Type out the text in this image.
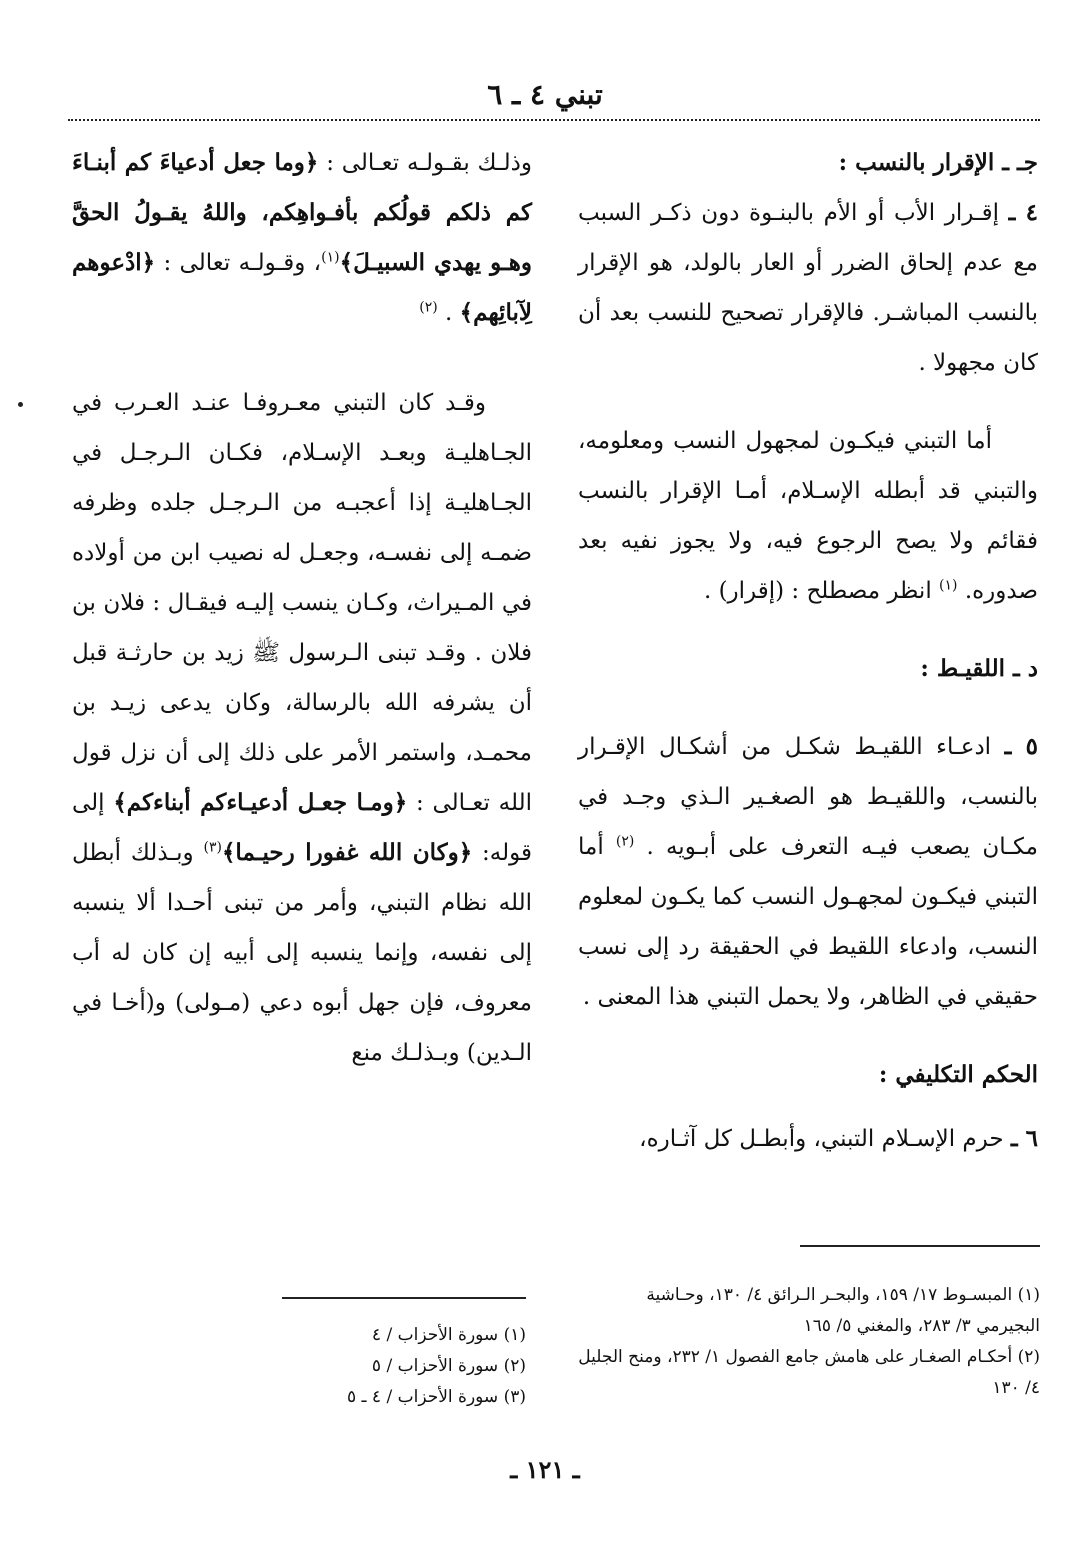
تبني ٤ ـ ٦

جـ ـ الإقرار بالنسب :

٤ ـ إقـرار الأب أو الأم بالبنـوة دون ذكـر السبب مع عدم إلحاق الضرر أو العار بالولد، هو الإقرار بالنسب المباشـر. فالإقرار تصحيح للنسب بعد أن كان مجهولا .

  أما التبني فيكـون لمجهول النسب ومعلومه، والتبني قد أبطله الإسـلام، أمـا الإقرار بالنسب فقائم ولا يصح الرجوع فيه، ولا يجوز نفيه بعد صدوره. $^{(١)}$ انظر مصطلح : (إقرار) .

د ـ اللقيـط :

٥ ـ ادعـاء اللقيـط شكـل من أشكـال الإقـرار بالنسب، واللقيـط هو الصغـير الـذي وجـد في مكـان يصعب فيـه التعرف على أبـويه . $^{(٢)}$ أما التبني فيكـون لمجهـول النسب كما يكـون لمعلوم النسب، وادعاء اللقيط في الحقيقة رد إلى نسب حقيقي في الظاهر، ولا يحمل التبني هذا المعنى .

الحكم التكليفي :

٦ ـ حرم الإسـلام التبني، وأبطـل كل آثـاره،

وذلـك بقـولـه تعـالى : ﴿وما جعل أدعياءَ كم أبنـاءَ كم ذلكم قولُكم بأفـواهِكم، واللهُ يقـولُ الحقَّ وهـو يهدي السبيـلَ﴾$^{(١)}$، وقـولـه تعالى : ﴿ادْعوهم لِآبائِهم﴾ . $^{(٢)}$

  وقـد كان التبني معـروفـا عنـد العـرب في الجـاهليـة وبعـد الإسـلام، فكـان الـرجـل في الجـاهليـة إذا أعجبـه من الـرجـل جلده وظرفه ضمـه إلى نفسـه، وجعـل له نصيب ابن من أولاده في المـيراث، وكـان ينسب إليـه فيقـال : فلان بن فلان . وقـد تبنى الـرسول ﷺ زيد بن حارثـة قبل أن يشرفه الله بالرسالة، وكان يدعى زيـد بن محمـد، واستمر الأمر على ذلك إلى أن نزل قول الله تعـالى : ﴿ومـا جعـل أدعيـاءكم أبناءكم﴾ إلى قوله: ﴿وكان الله غفورا رحيـما﴾$^{(٣)}$ وبـذلك أبطل الله نظام التبني، وأمر من تبنى أحـدا ألا ينسبه إلى نفسه، وإنما ينسبه إلى أبيه إن كان له أب معروف، فإن جهل أبوه دعي (مـولى) و(أخـا في الـدين) وبـذلـك منع

(١) المبسـوط ١٧/ ١٥٩، والبحـر الـرائق ٤/ ١٣٠، وحـاشية البجيرمي ٣/ ٢٨٣، والمغني ٥/ ١٦٥

(٢) أحكـام الصغـار على هامش جامع الفصول ١/ ٢٣٢، ومنح الجليل ٤/ ١٣٠

(١) سورة الأحزاب / ٤

(٢) سورة الأحزاب / ٥

(٣) سورة الأحزاب / ٤ ـ ٥

ـ ١٢١ ـ
